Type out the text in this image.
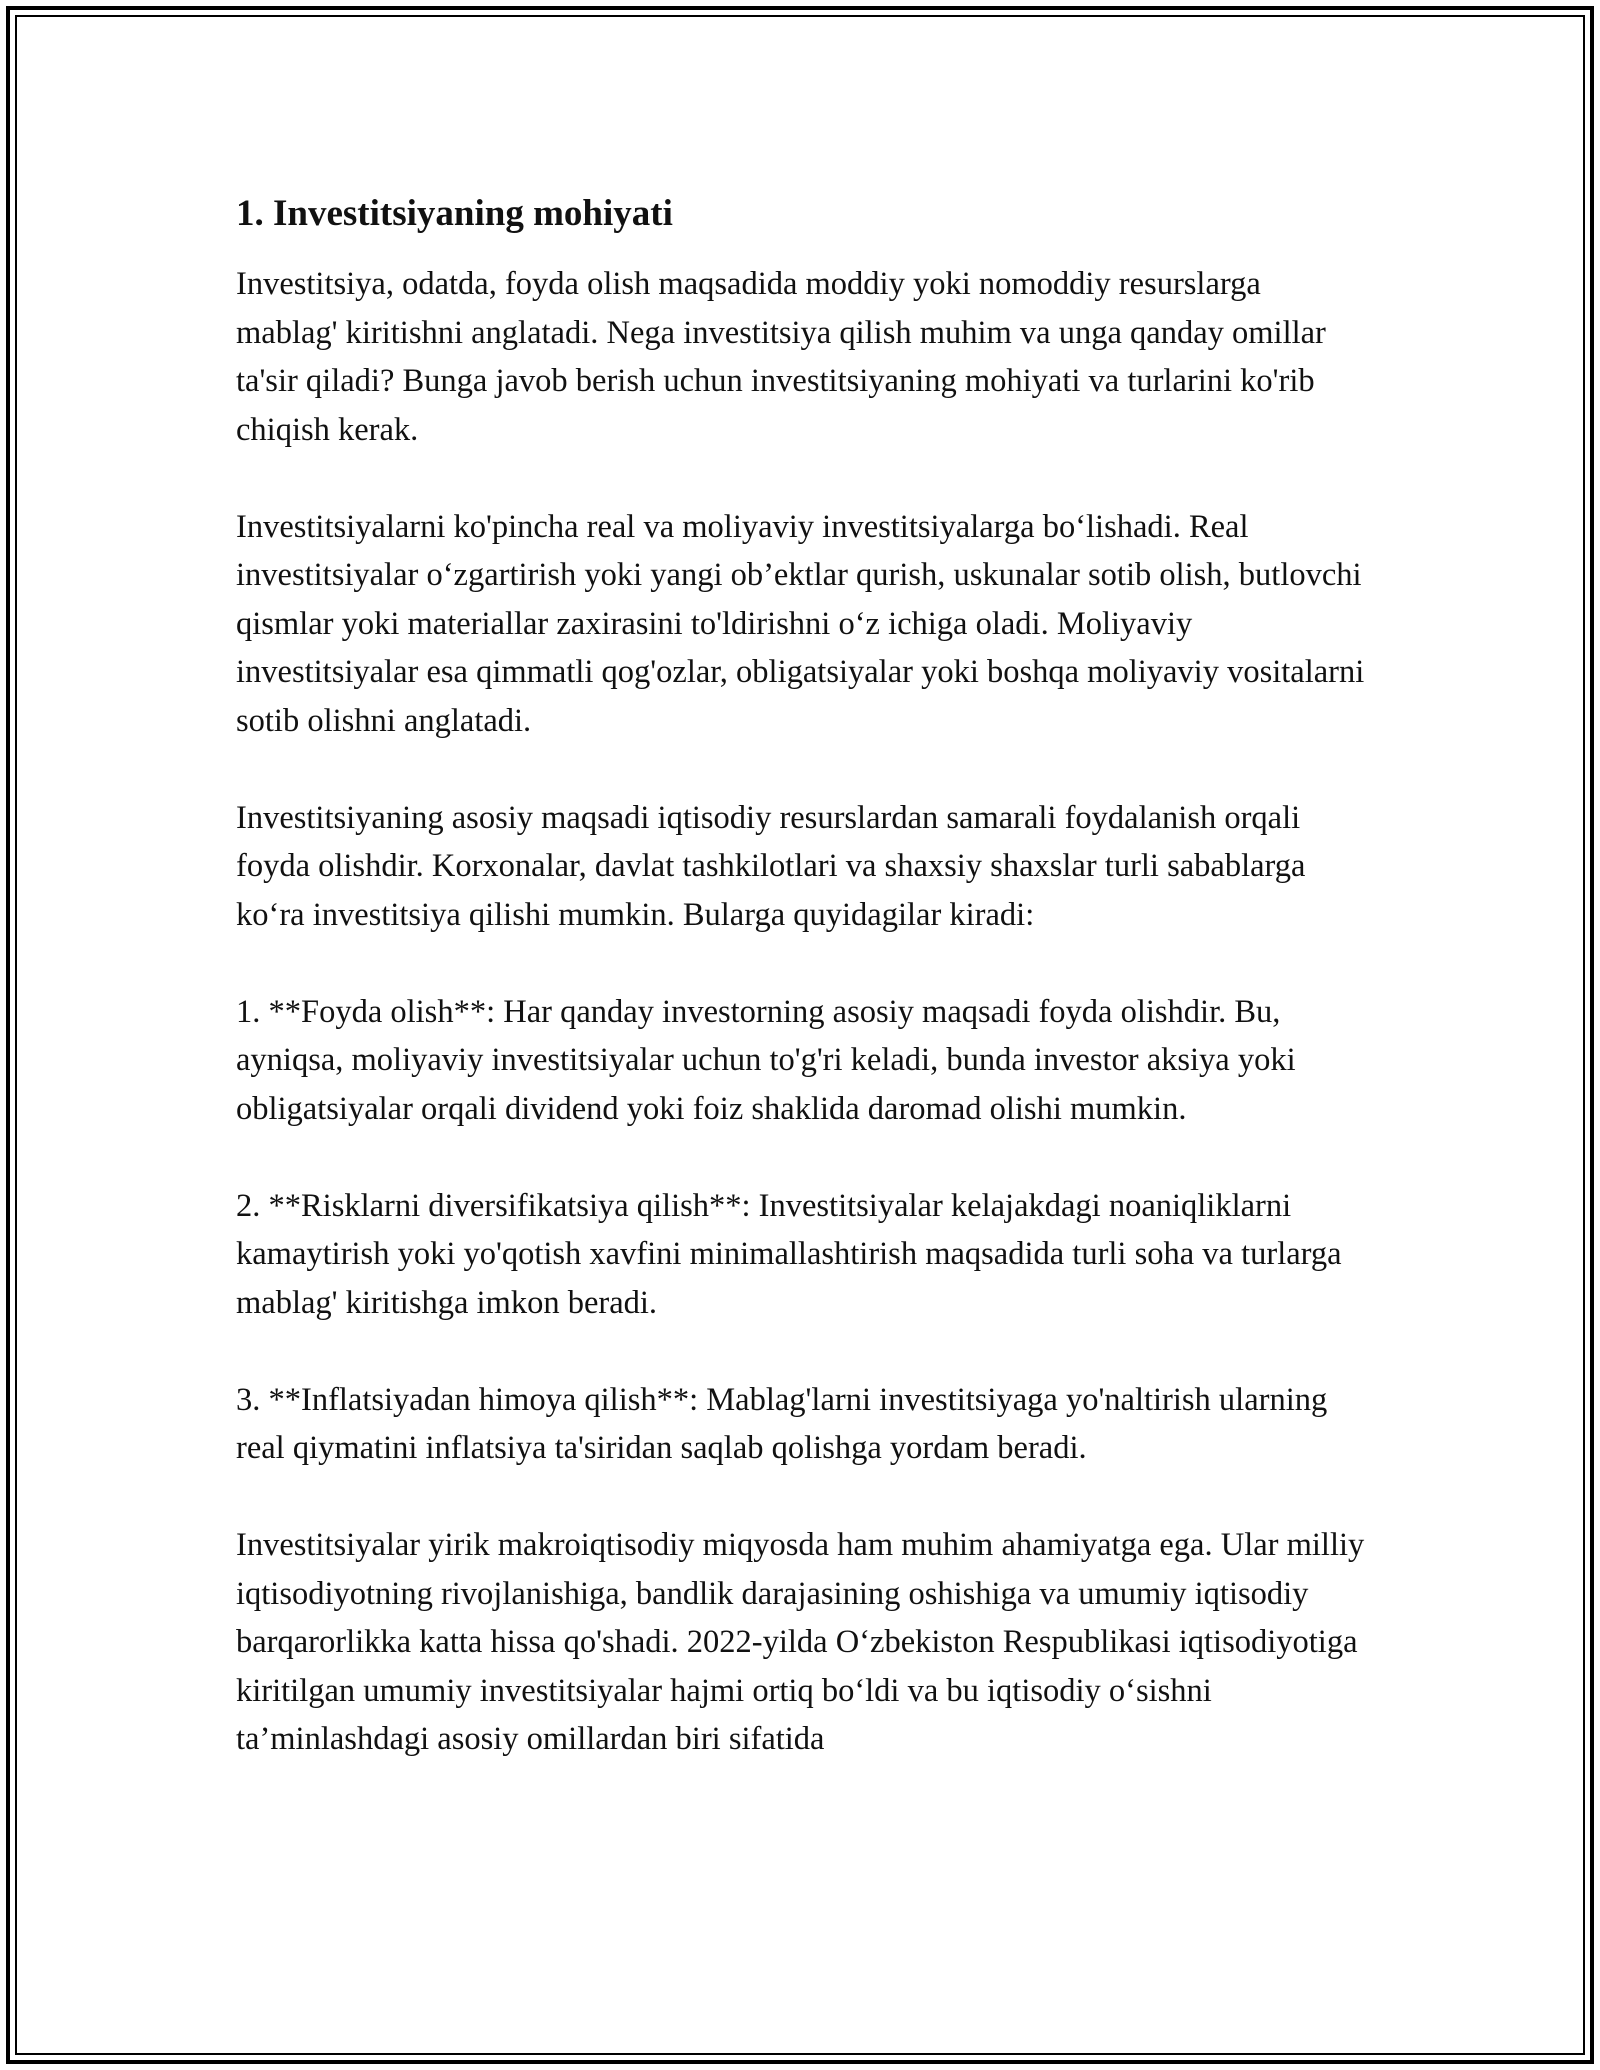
1. Investitsiyaning mohiyati

Investitsiya, odatda, foyda olish maqsadida moddiy yoki nomoddiy resurslarga mablag' kiritishni anglatadi. Nega investitsiya qilish muhim va unga qanday omillar ta'sir qiladi? Bunga javob berish uchun investitsiyaning mohiyati va turlarini ko'rib chiqish kerak.

Investitsiyalarni ko'pincha real va moliyaviy investitsiyalarga bo‘lishadi. Real investitsiyalar o‘zgartirish yoki yangi ob’ektlar qurish, uskunalar sotib olish, butlovchi qismlar yoki materiallar zaxirasini to'ldirishni o‘z ichiga oladi. Moliyaviy investitsiyalar esa qimmatli qog'ozlar, obligatsiyalar yoki boshqa moliyaviy vositalarni sotib olishni anglatadi.

Investitsiyaning asosiy maqsadi iqtisodiy resurslardan samarali foydalanish orqali foyda olishdir. Korxonalar, davlat tashkilotlari va shaxsiy shaxslar turli sabablarga ko‘ra investitsiya qilishi mumkin. Bularga quyidagilar kiradi:

1. **Foyda olish**: Har qanday investorning asosiy maqsadi foyda olishdir. Bu, ayniqsa, moliyaviy investitsiyalar uchun to'g'ri keladi, bunda investor aksiya yoki obligatsiyalar orqali dividend yoki foiz shaklida daromad olishi mumkin.

2. **Risklarni diversifikatsiya qilish**: Investitsiyalar kelajakdagi noaniqliklarni kamaytirish yoki yo'qotish xavfini minimallashtirish maqsadida turli soha va turlarga mablag' kiritishga imkon beradi.

3. **Inflatsiyadan himoya qilish**: Mablag'larni investitsiyaga yo'naltirish ularning real qiymatini inflatsiya ta'siridan saqlab qolishga yordam beradi.

Investitsiyalar yirik makroiqtisodiy miqyosda ham muhim ahamiyatga ega. Ular milliy iqtisodiyotning rivojlanishiga, bandlik darajasining oshishiga va umumiy iqtisodiy barqarorlikka katta hissa qo'shadi. 2022-yilda O‘zbekiston Respublikasi iqtisodiyotiga kiritilgan umumiy investitsiyalar hajmi ortiq bo‘ldi va bu iqtisodiy o‘sishni ta’minlashdagi asosiy omillardan biri sifatida
